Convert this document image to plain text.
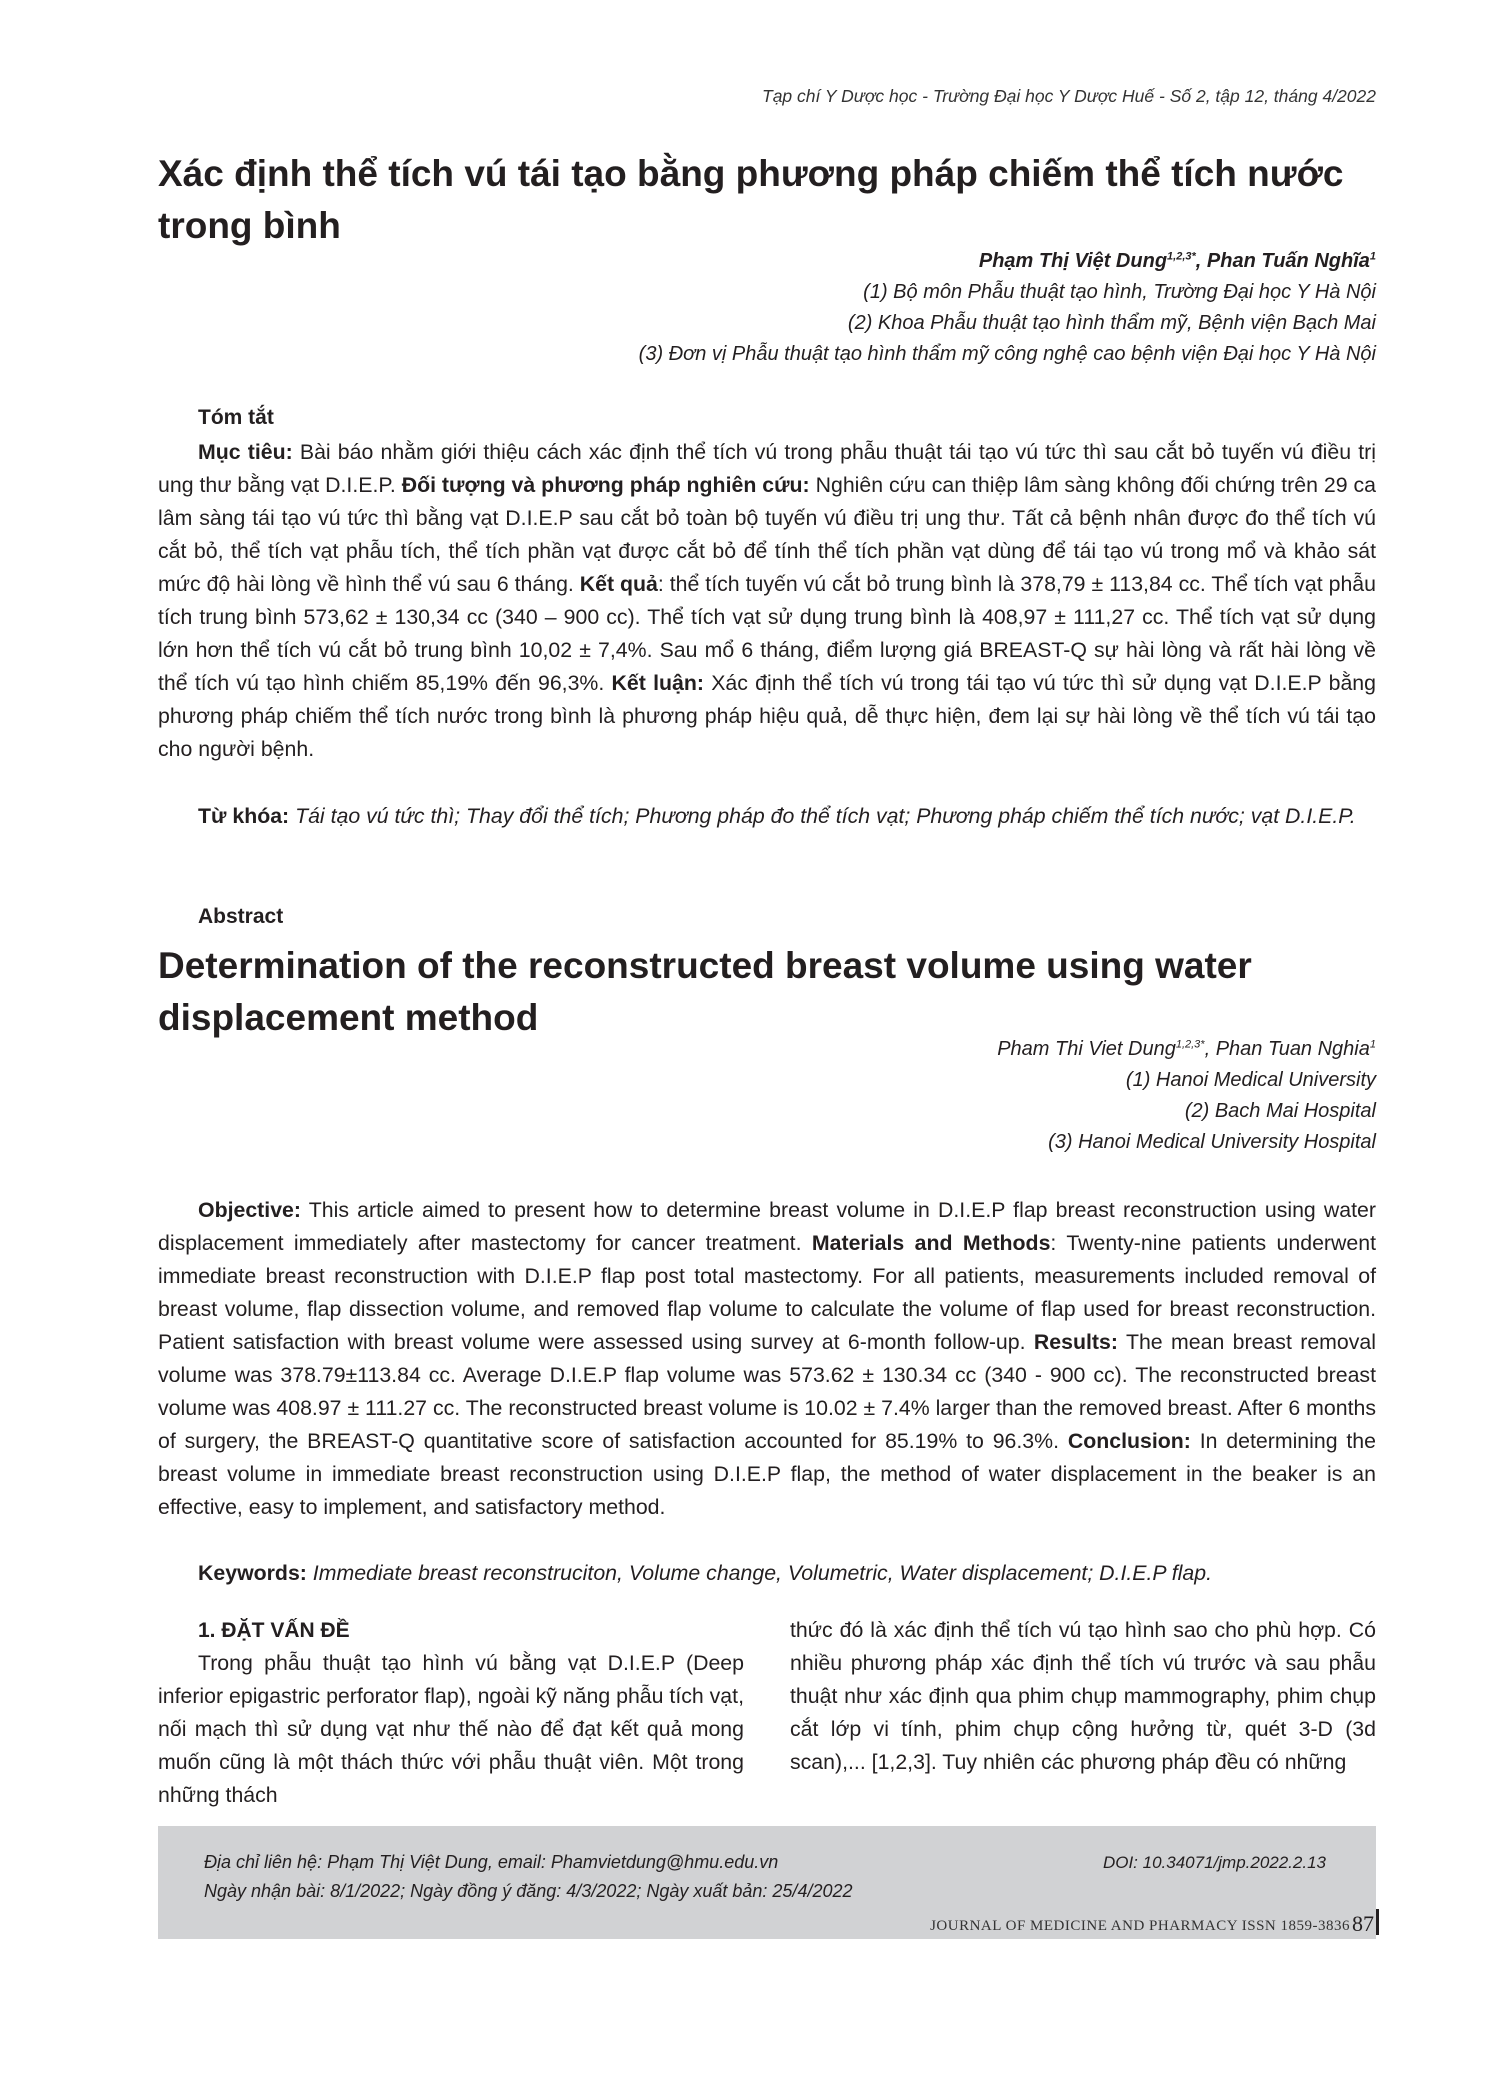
Tạp chí Y Dược học - Trường Đại học Y Dược Huế - Số 2, tập 12, tháng 4/2022
Xác định thể tích vú tái tạo bằng phương pháp chiếm thể tích nước trong bình
Phạm Thị Việt Dung$^{1,2,3*}$, Phan Tuấn Nghĩa$^1$
(1) Bộ môn Phẫu thuật tạo hình, Trường Đại học Y Hà Nội
(2) Khoa Phẫu thuật tạo hình thẩm mỹ, Bệnh viện Bạch Mai
(3) Đơn vị Phẫu thuật tạo hình thẩm mỹ công nghệ cao bệnh viện Đại học Y Hà Nội
Tóm tắt

Mục tiêu: Bài báo nhằm giới thiệu cách xác định thể tích vú trong phẫu thuật tái tạo vú tức thì sau cắt bỏ tuyến vú điều trị ung thư bằng vạt D.I.E.P. Đối tượng và phương pháp nghiên cứu: Nghiên cứu can thiệp lâm sàng không đối chứng trên 29 ca lâm sàng tái tạo vú tức thì bằng vạt D.I.E.P sau cắt bỏ toàn bộ tuyến vú điều trị ung thư. Tất cả bệnh nhân được đo thể tích vú cắt bỏ, thể tích vạt phẫu tích, thể tích phần vạt được cắt bỏ để tính thể tích phần vạt dùng để tái tạo vú trong mổ và khảo sát mức độ hài lòng về hình thể vú sau 6 tháng. Kết quả: thể tích tuyến vú cắt bỏ trung bình là 378,79 ± 113,84 cc. Thể tích vạt phẫu tích trung bình 573,62 ± 130,34 cc (340 – 900 cc). Thể tích vạt sử dụng trung bình là 408,97 ± 111,27 cc. Thể tích vạt sử dụng lớn hơn thể tích vú cắt bỏ trung bình 10,02 ± 7,4%. Sau mổ 6 tháng, điểm lượng giá BREAST-Q sự hài lòng và rất hài lòng về thể tích vú tạo hình chiếm 85,19% đến 96,3%. Kết luận: Xác định thể tích vú trong tái tạo vú tức thì sử dụng vạt D.I.E.P bằng phương pháp chiếm thể tích nước trong bình là phương pháp hiệu quả, dễ thực hiện, đem lại sự hài lòng về thể tích vú tái tạo cho người bệnh.

Từ khóa: Tái tạo vú tức thì; Thay đổi thể tích; Phương pháp đo thể tích vạt; Phương pháp chiếm thể tích nước; vạt D.I.E.P.

Abstract
Determination of the reconstructed breast volume using water displacement method
Pham Thi Viet Dung$^{1,2,3*}$, Phan Tuan Nghia$^1$
(1) Hanoi Medical University
(2) Bach Mai Hospital
(3) Hanoi Medical University Hospital

Objective: This article aimed to present how to determine breast volume in D.I.E.P flap breast reconstruction using water displacement immediately after mastectomy for cancer treatment. Materials and Methods: Twenty-nine patients underwent immediate breast reconstruction with D.I.E.P flap post total mastectomy. For all patients, measurements included removal of breast volume, flap dissection volume, and removed flap volume to calculate the volume of flap used for breast reconstruction. Patient satisfaction with breast volume were assessed using survey at 6-month follow-up. Results: The mean breast removal volume was 378.79±113.84 cc. Average D.I.E.P flap volume was 573.62 ± 130.34 cc (340 - 900 cc). The reconstructed breast volume was 408.97 ± 111.27 cc. The reconstructed breast volume is 10.02 ± 7.4% larger than the removed breast. After 6 months of surgery, the BREAST-Q quantitative score of satisfaction accounted for 85.19% to 96.3%. Conclusion: In determining the breast volume in immediate breast reconstruction using D.I.E.P flap, the method of water displacement in the beaker is an effective, easy to implement, and satisfactory method.

Keywords: Immediate breast reconstruciton, Volume change, Volumetric, Water displacement; D.I.E.P flap.

1. ĐẶT VẤN ĐỀ

Trong phẫu thuật tạo hình vú bằng vạt D.I.E.P (Deep inferior epigastric perforator flap), ngoài kỹ năng phẫu tích vạt, nối mạch thì sử dụng vạt như thế nào để đạt kết quả mong muốn cũng là một thách thức với phẫu thuật viên. Một trong những thách

thức đó là xác định thể tích vú tạo hình sao cho phù hợp. Có nhiều phương pháp xác định thể tích vú trước và sau phẫu thuật như xác định qua phim chụp mammography, phim chụp cắt lớp vi tính, phim chụp cộng hưởng từ, quét 3-D (3d scan),... [1,2,3]. Tuy nhiên các phương pháp đều có những

Địa chỉ liên hệ: Phạm Thị Việt Dung, email: Phamvietdung@hmu.edu.vn
Ngày nhận bài: 8/1/2022; Ngày đồng ý đăng: 4/3/2022; Ngày xuất bản: 25/4/2022
DOI: 10.34071/jmp.2022.2.13
JOURNAL OF MEDICINE AND PHARMACY ISSN 1859-3836 87
